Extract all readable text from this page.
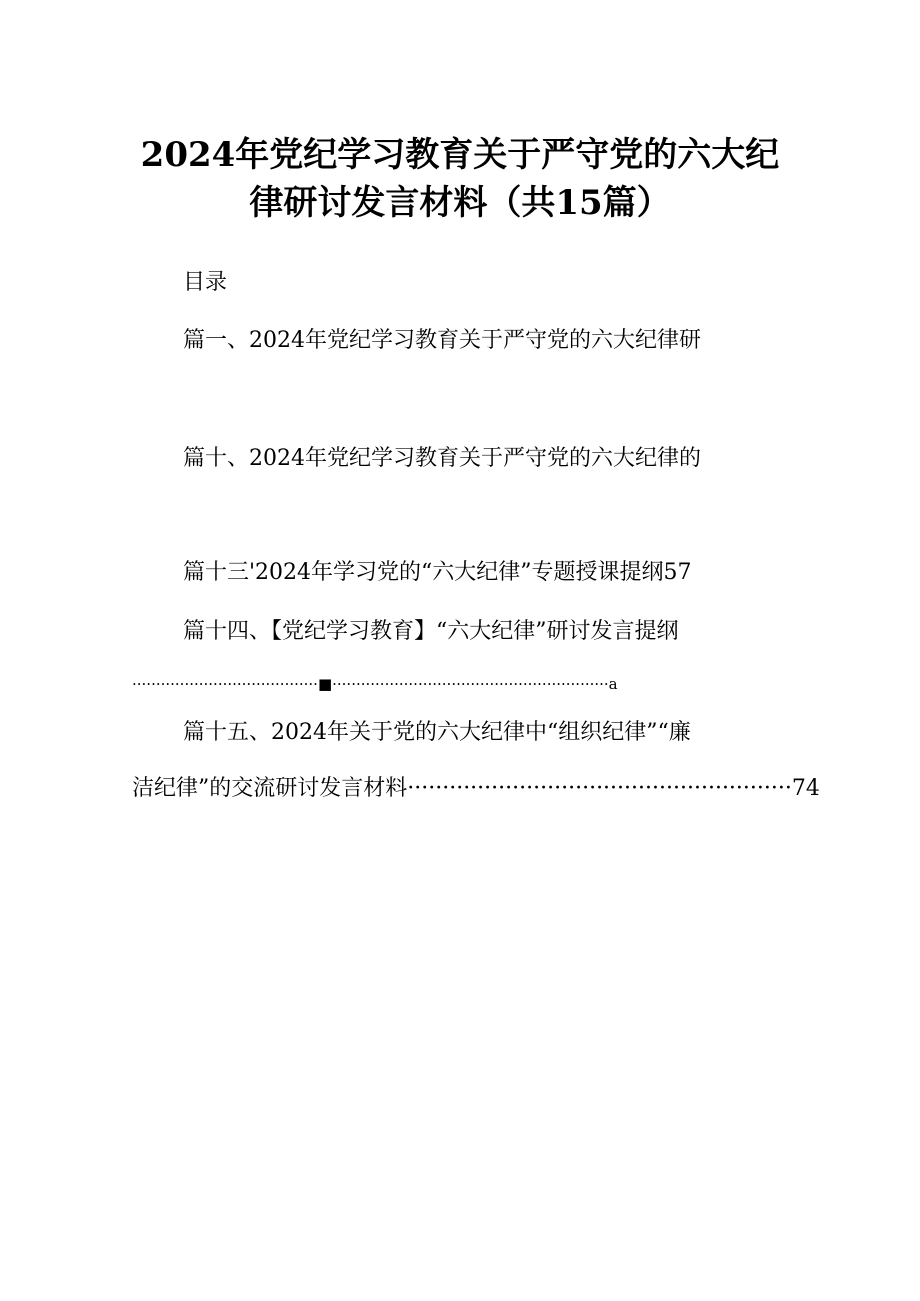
2024年党纪学习教育关于严守党的六大纪
律研讨发言材料（共15篇）
目录
篇一、2024年党纪学习教育关于严守党的六大纪律研
篇十、2024年党纪学习教育关于严守党的六大纪律的
篇十三'2024年学习党的“六大纪律”专题授课提纲57
篇十四、【党纪学习教育】“六大纪律”研讨发言提纲
·······································■··························································a
篇十五、2024年关于党的六大纪律中“组织纪律”“廉
洁纪律”的交流研讨发言材料·······················································74
